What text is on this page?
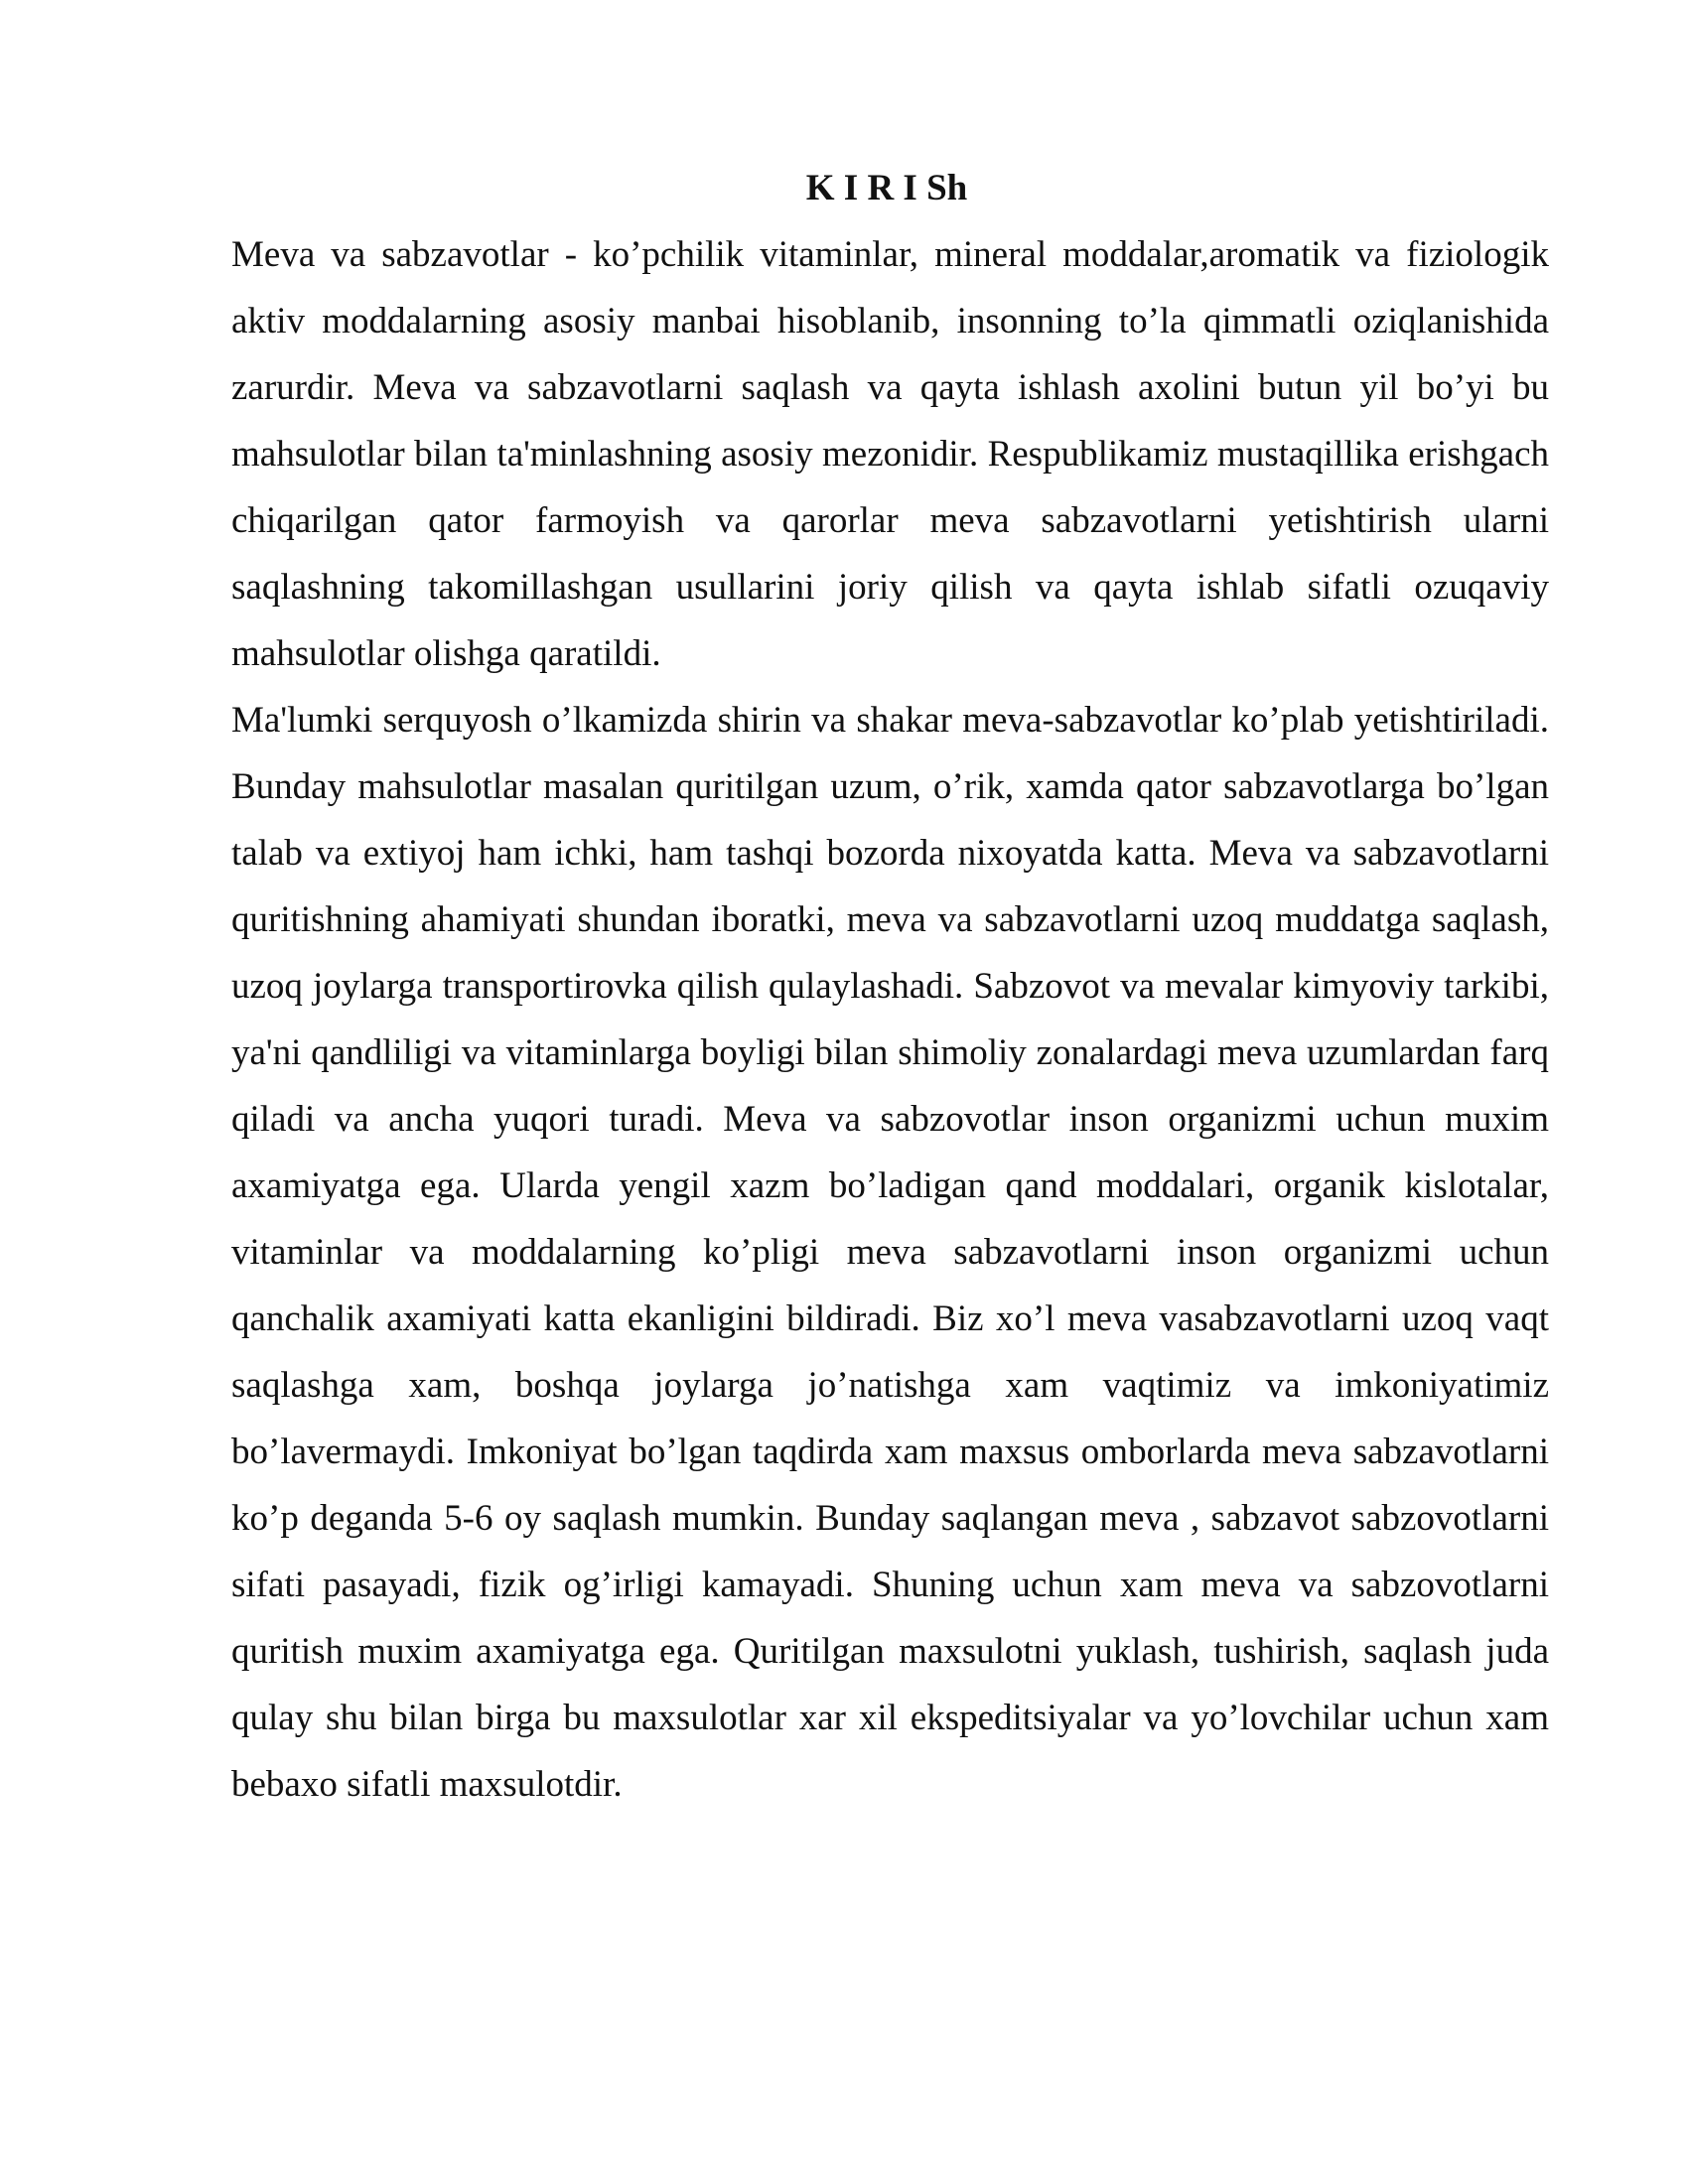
K I R I Sh

Meva va sabzavotlar - ko’pchilik vitaminlar, mineral moddalar,aromatik va fiziologik aktiv moddalarning asosiy manbai hisoblanib, insonning to’la qimmatli oziqlanishida zarurdir. Meva va sabzavotlarni saqlash va qayta ishlash axolini butun yil bo’yi bu mahsulotlar bilan ta'minlashning asosiy mezonidir. Respublikamiz mustaqillika erishgach chiqarilgan qator farmoyish va qarorlar meva sabzavotlarni yetishtirish ularni saqlashning takomillashgan usullarini joriy qilish va qayta ishlab sifatli ozuqaviy mahsulotlar olishga qaratildi.

Ma'lumki serquyosh o’lkamizda shirin va shakar meva-sabzavotlar ko’plab yetishtiriladi. Bunday mahsulotlar masalan quritilgan uzum, o’rik, xamda qator sabzavotlarga bo’lgan talab va extiyoj ham ichki, ham tashqi bozorda nixoyatda katta. Meva va sabzavotlarni quritishning ahamiyati shundan iboratki, meva va sabzavotlarni uzoq muddatga saqlash, uzoq joylarga transportirovka qilish qulaylashadi. Sabzovot va mevalar kimyoviy tarkibi, ya'ni qandliligi va vitaminlarga boyligi bilan shimoliy zonalardagi meva uzumlardan farq qiladi va ancha yuqori turadi. Meva va sabzovotlar inson organizmi uchun muxim axamiyatga ega. Ularda yengil xazm bo’ladigan qand moddalari, organik kislotalar, vitaminlar va moddalarning ko’pligi meva sabzavotlarni inson organizmi uchun qanchalik axamiyati katta ekanligini bildiradi. Biz xo’l meva vasabzavotlarni uzoq vaqt saqlashga xam, boshqa joylarga jo’natishga xam vaqtimiz va imkoniyatimiz bo’lavermaydi. Imkoniyat bo’lgan taqdirda xam maxsus omborlarda meva sabzavotlarni ko’p deganda 5-6 oy saqlash mumkin. Bunday saqlangan meva , sabzavot sabzovotlarni sifati pasayadi, fizik og’irligi kamayadi. Shuning uchun xam meva va sabzovotlarni quritish muxim axamiyatga ega. Quritilgan maxsulotni yuklash, tushirish, saqlash juda qulay shu bilan birga bu maxsulotlar xar xil ekspeditsiyalar va yo’lovchilar uchun xam bebaxo sifatli maxsulotdir.
